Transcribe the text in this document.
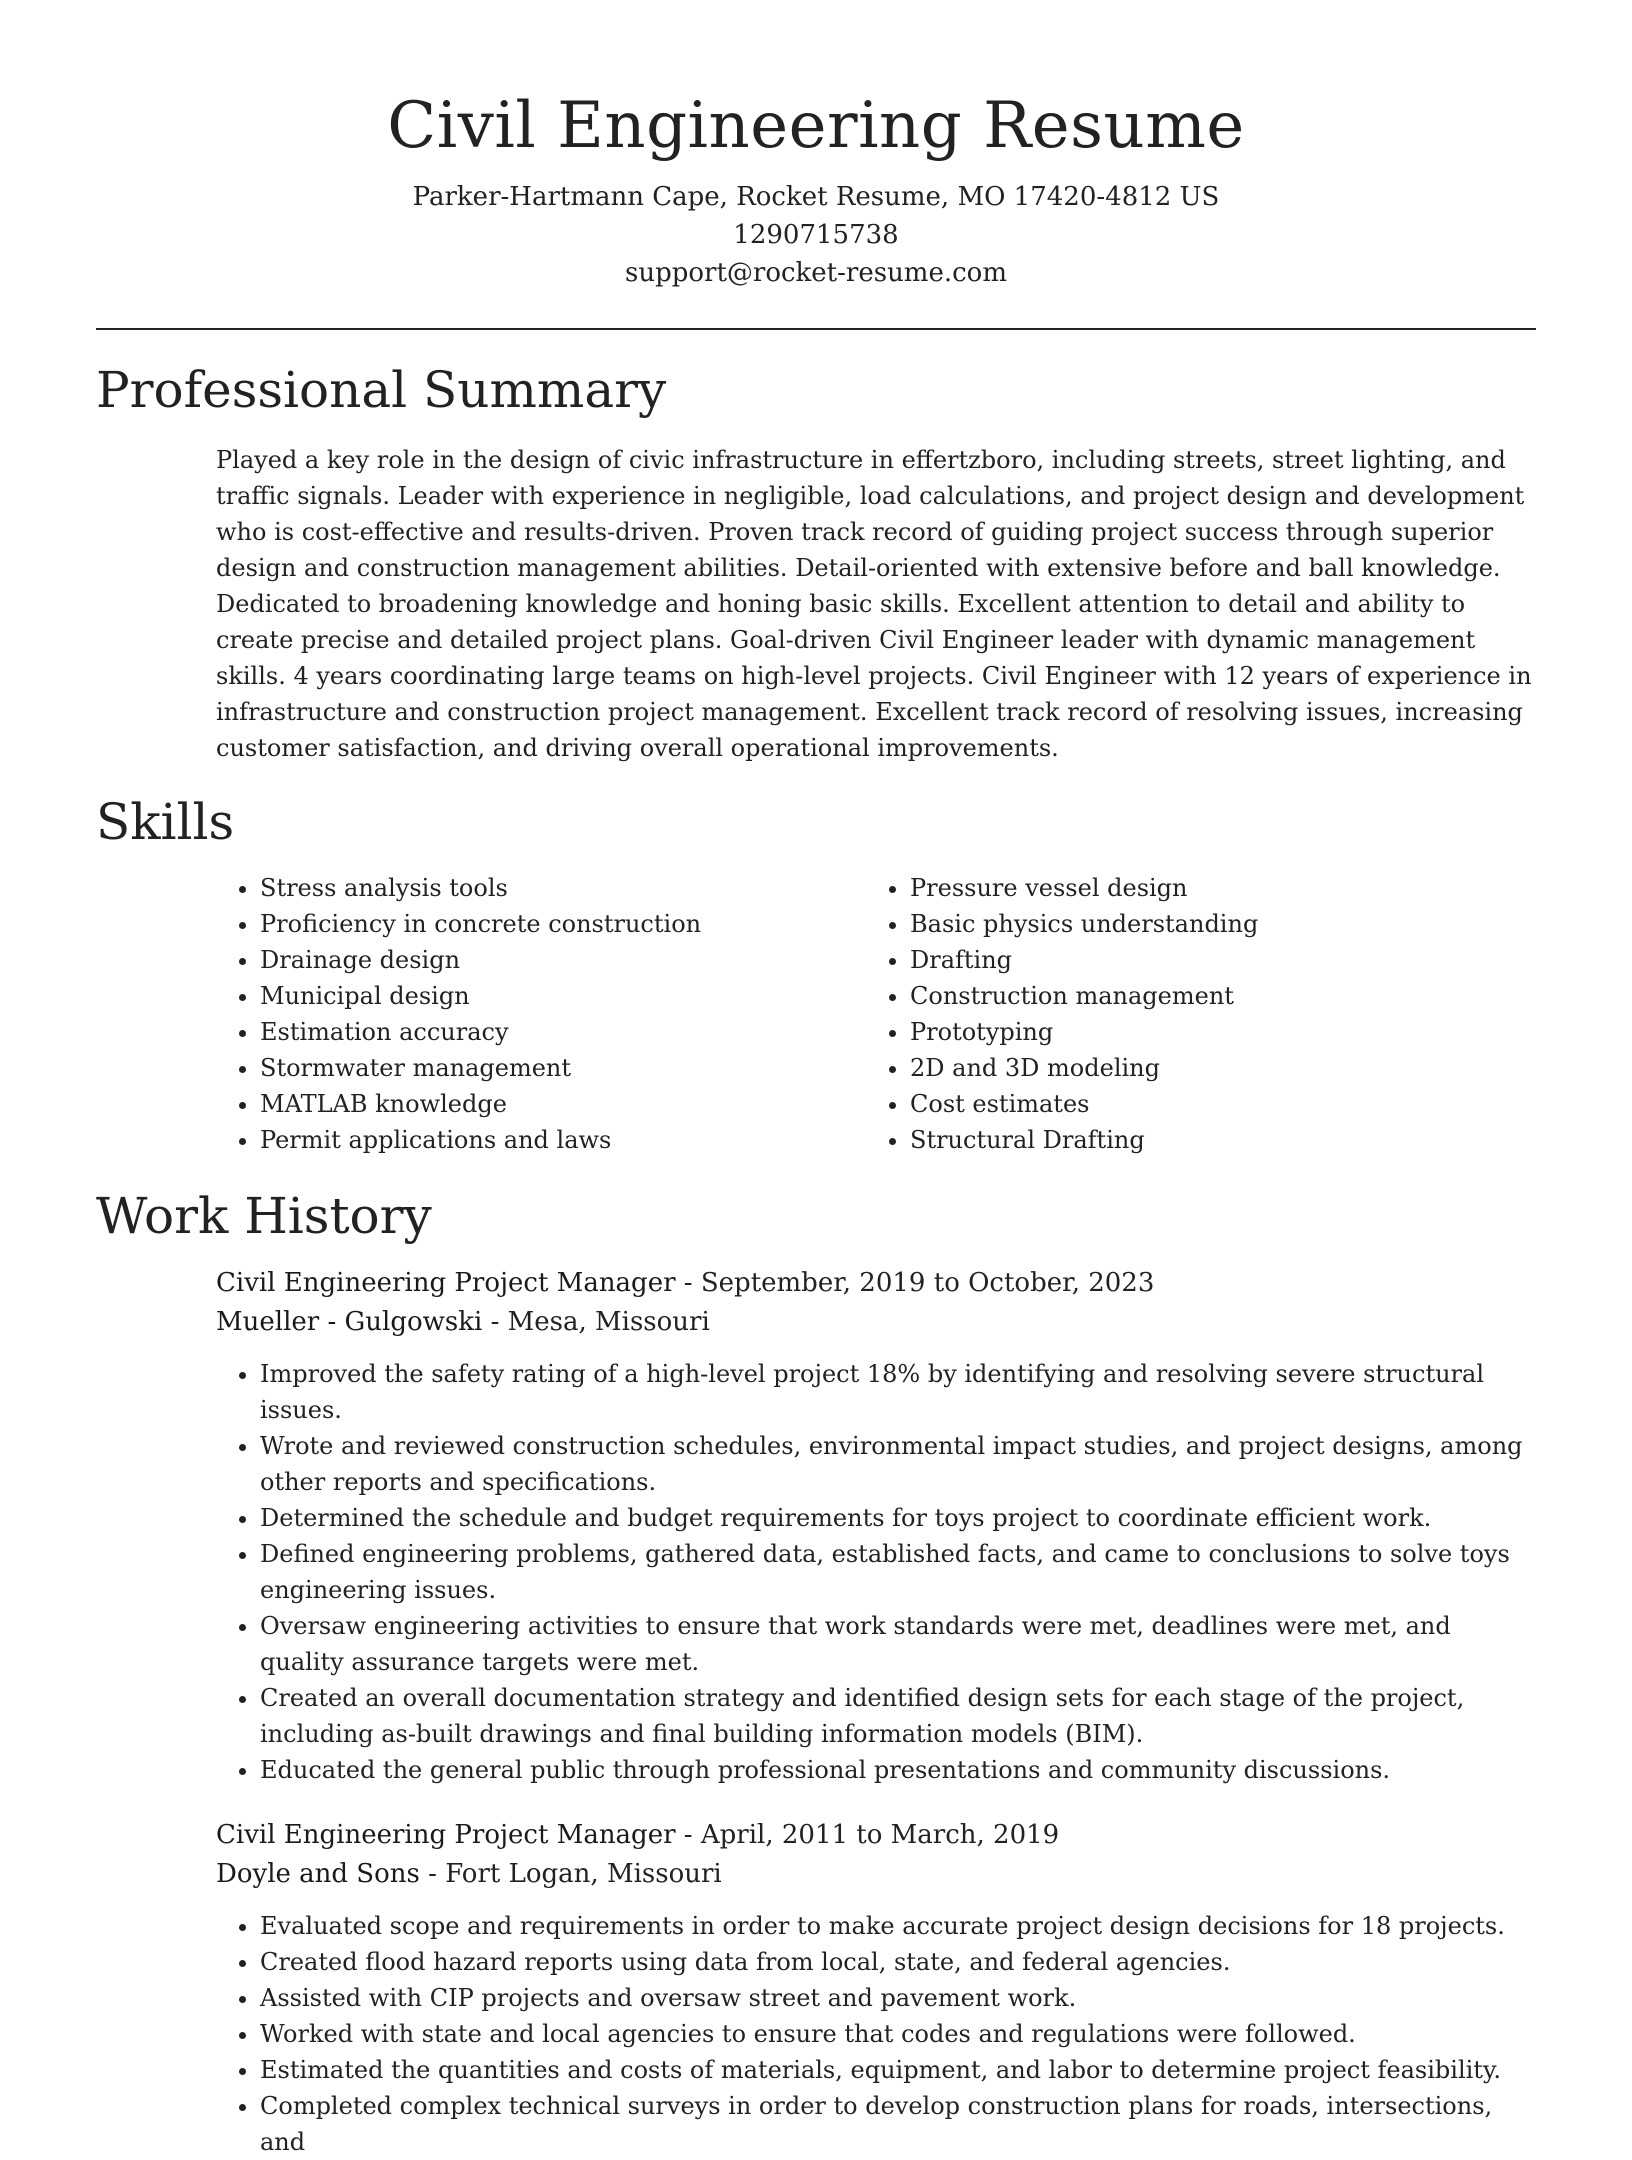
Civil Engineering Resume
Parker-Hartmann Cape, Rocket Resume, MO 17420-4812 US
1290715738
support@rocket-resume.com
Professional Summary
Played a key role in the design of civic infrastructure in effertzboro, including streets, street lighting, and traffic signals. Leader with experience in negligible, load calculations, and project design and development who is cost-effective and results-driven. Proven track record of guiding project success through superior design and construction management abilities. Detail-oriented with extensive before and ball knowledge. Dedicated to broadening knowledge and honing basic skills. Excellent attention to detail and ability to create precise and detailed project plans. Goal-driven Civil Engineer leader with dynamic management skills. 4 years coordinating large teams on high-level projects. Civil Engineer with 12 years of experience in infrastructure and construction project management. Excellent track record of resolving issues, increasing customer satisfaction, and driving overall operational improvements.
Skills
• Stress analysis tools
• Proficiency in concrete construction
• Drainage design
• Municipal design
• Estimation accuracy
• Stormwater management
• MATLAB knowledge
• Permit applications and laws
• Pressure vessel design
• Basic physics understanding
• Drafting
• Construction management
• Prototyping
• 2D and 3D modeling
• Cost estimates
• Structural Drafting
Work History
Civil Engineering Project Manager - September, 2019 to October, 2023
Mueller - Gulgowski - Mesa, Missouri
• Improved the safety rating of a high-level project 18% by identifying and resolving severe structural issues.
• Wrote and reviewed construction schedules, environmental impact studies, and project designs, among other reports and specifications.
• Determined the schedule and budget requirements for toys project to coordinate efficient work.
• Defined engineering problems, gathered data, established facts, and came to conclusions to solve toys engineering issues.
• Oversaw engineering activities to ensure that work standards were met, deadlines were met, and quality assurance targets were met.
• Created an overall documentation strategy and identified design sets for each stage of the project, including as-built drawings and final building information models (BIM).
• Educated the general public through professional presentations and community discussions.
Civil Engineering Project Manager - April, 2011 to March, 2019
Doyle and Sons - Fort Logan, Missouri
• Evaluated scope and requirements in order to make accurate project design decisions for 18 projects.
• Created flood hazard reports using data from local, state, and federal agencies.
• Assisted with CIP projects and oversaw street and pavement work.
• Worked with state and local agencies to ensure that codes and regulations were followed.
• Estimated the quantities and costs of materials, equipment, and labor to determine project feasibility.
• Completed complex technical surveys in order to develop construction plans for roads, intersections, and
